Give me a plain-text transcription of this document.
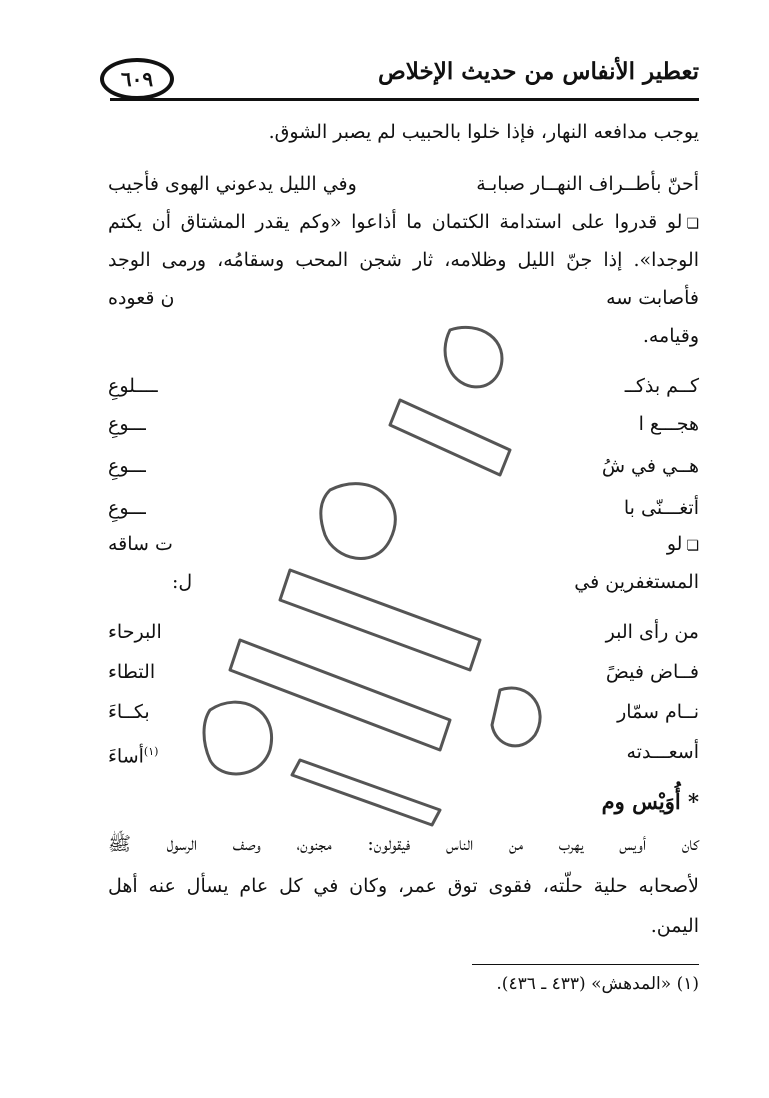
تعطير الأنفاس من حديث الإخلاص
٦٠٩
يوجب مدافعه النهار، فإذا خلوا بالحبيب لم يصبر الشوق.
أحنّ بأطــراف النهــار صبابـة
وفي الليل يدعوني الهوى فأجيب
❏لو قدروا على استدامة الكتمان ما أذاعوا «وكم يقدر المشتاق أن يكتم
الوجدا». إذا جنّ الليل وظلامه، ثار شجن المحب وسقامُه، ورمى الوجد
فأصابت سه
ن قعوده
وقيامه.
كــم بذكــ
ــــلوعِ
هجـــع ا
ـــوعِ
هــي في شُ
ـــوعِ
أتغـــنّى با
ـــوعِ
❏لو
ت ساقه
المستغفرين في
ل:
من رأى البر
البرحاء
فــاض فيضً
التطاء
نــام سمّار
بكــاءَ
أسعـــدته
$^{(١)}$أساءَ
* أُوَيْس وم
كان أويس يهرب من الناس فيقولون: مجنون، وصف الرسول ﷺ
لأصحابه حلية حلّته، فقوى توق عمر، وكان في كل عام يسأل عنه أهل
اليمن.
(١) «المدهش» (٤٣٣ ـ ٤٣٦).
